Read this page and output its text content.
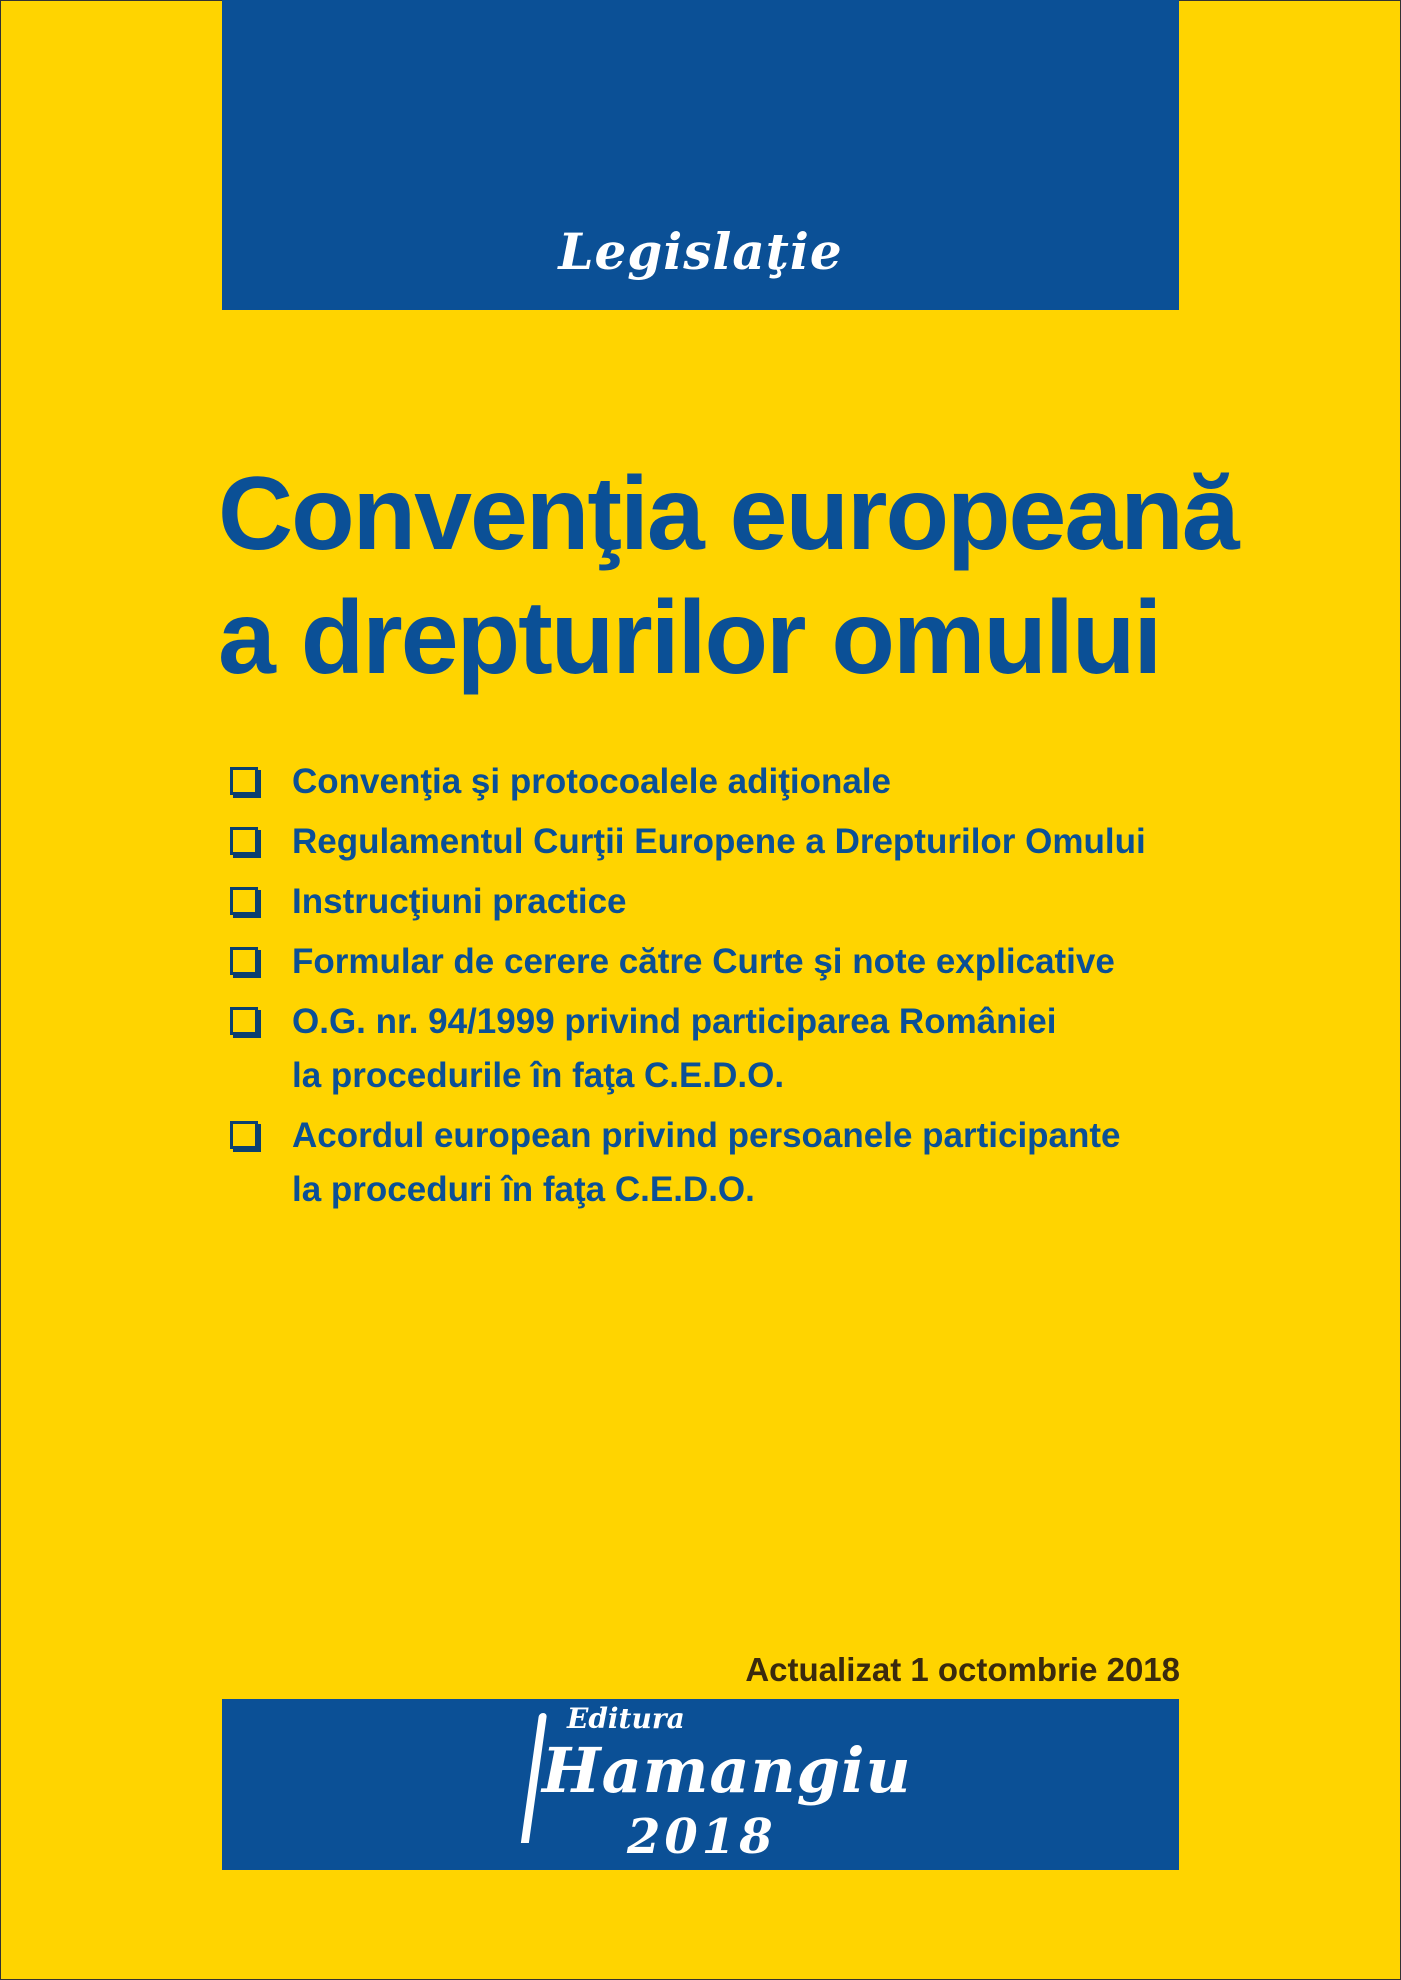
Legislaţie
Convenţia europeană
a drepturilor omului
Convenţia şi protocoalele adiţionale
Regulamentul Curţii Europene a Drepturilor Omului
Instrucţiuni practice
Formular de cerere către Curte şi note explicative
O.G. nr. 94/1999 privind participarea României
la procedurile în faţa C.E.D.O.
Acordul european privind persoanele participante
la proceduri în faţa C.E.D.O.
Actualizat 1 octombrie 2018
Editura
Hamangiu
2018
